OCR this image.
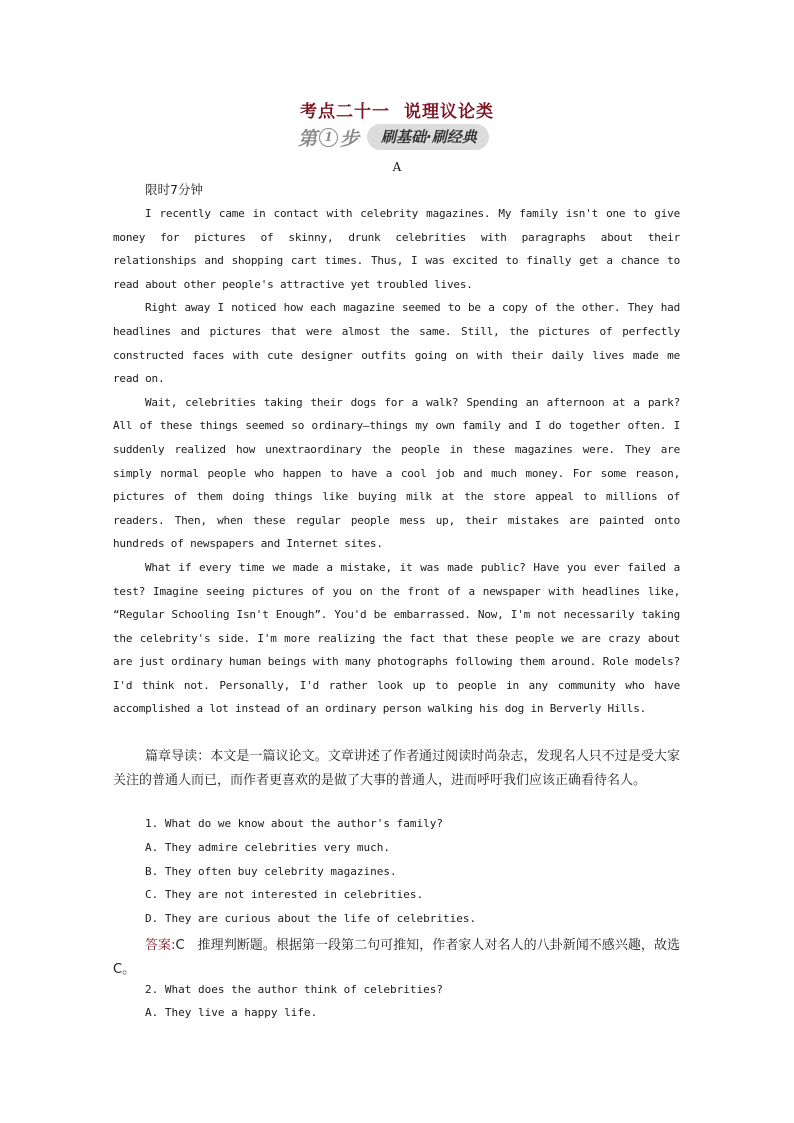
考点二十一 说理议论类
第 1 步	刷基础·刷经典
A
限时7分钟

I recently came in contact with celebrity magazines. My family isn't one to give money for pictures of skinny, drunk celebrities with paragraphs about their relationships and shopping cart times. Thus, I was excited to finally get a chance to read about other people's attractive yet troubled lives.

Right away I noticed how each magazine seemed to be a copy of the other. They had headlines and pictures that were almost the same. Still, the pictures of perfectly constructed faces with cute designer outfits going on with their daily lives made me read on.

Wait, celebrities taking their dogs for a walk? Spending an afternoon at a park? All of these things seemed so ordinary—things my own family and I do together often. I suddenly realized how unextraordinary the people in these magazines were. They are simply normal people who happen to have a cool job and much money. For some reason, pictures of them doing things like buying milk at the store appeal to millions of readers. Then, when these regular people mess up, their mistakes are painted onto hundreds of newspapers and Internet sites.

What if every time we made a mistake, it was made public? Have you ever failed a test? Imagine seeing pictures of you on the front of a newspaper with headlines like, “Regular Schooling Isn't Enough”. You'd be embarrassed. Now, I'm not necessarily taking the celebrity's side. I'm more realizing the fact that these people we are crazy about are just ordinary human beings with many photographs following them around. Role models? I'd think not. Personally, I'd rather look up to people in any community who have accomplished a lot instead of an ordinary person walking his dog in Berverly Hills.

篇章导读：本文是一篇议论文。文章讲述了作者通过阅读时尚杂志，发现名人只不过是受大家关注的普通人而已，而作者更喜欢的是做了大事的普通人，进而呼吁我们应该正确看待名人。

1. What do we know about the author's family?
A. They admire celebrities very much.
B. They often buy celebrity magazines.
C. They are not interested in celebrities.
D. They are curious about the life of celebrities.

答案:C　推理判断题。根据第一段第二句可推知，作者家人对名人的八卦新闻不感兴趣，故选C。

2. What does the author think of celebrities?
A. They live a happy life.
